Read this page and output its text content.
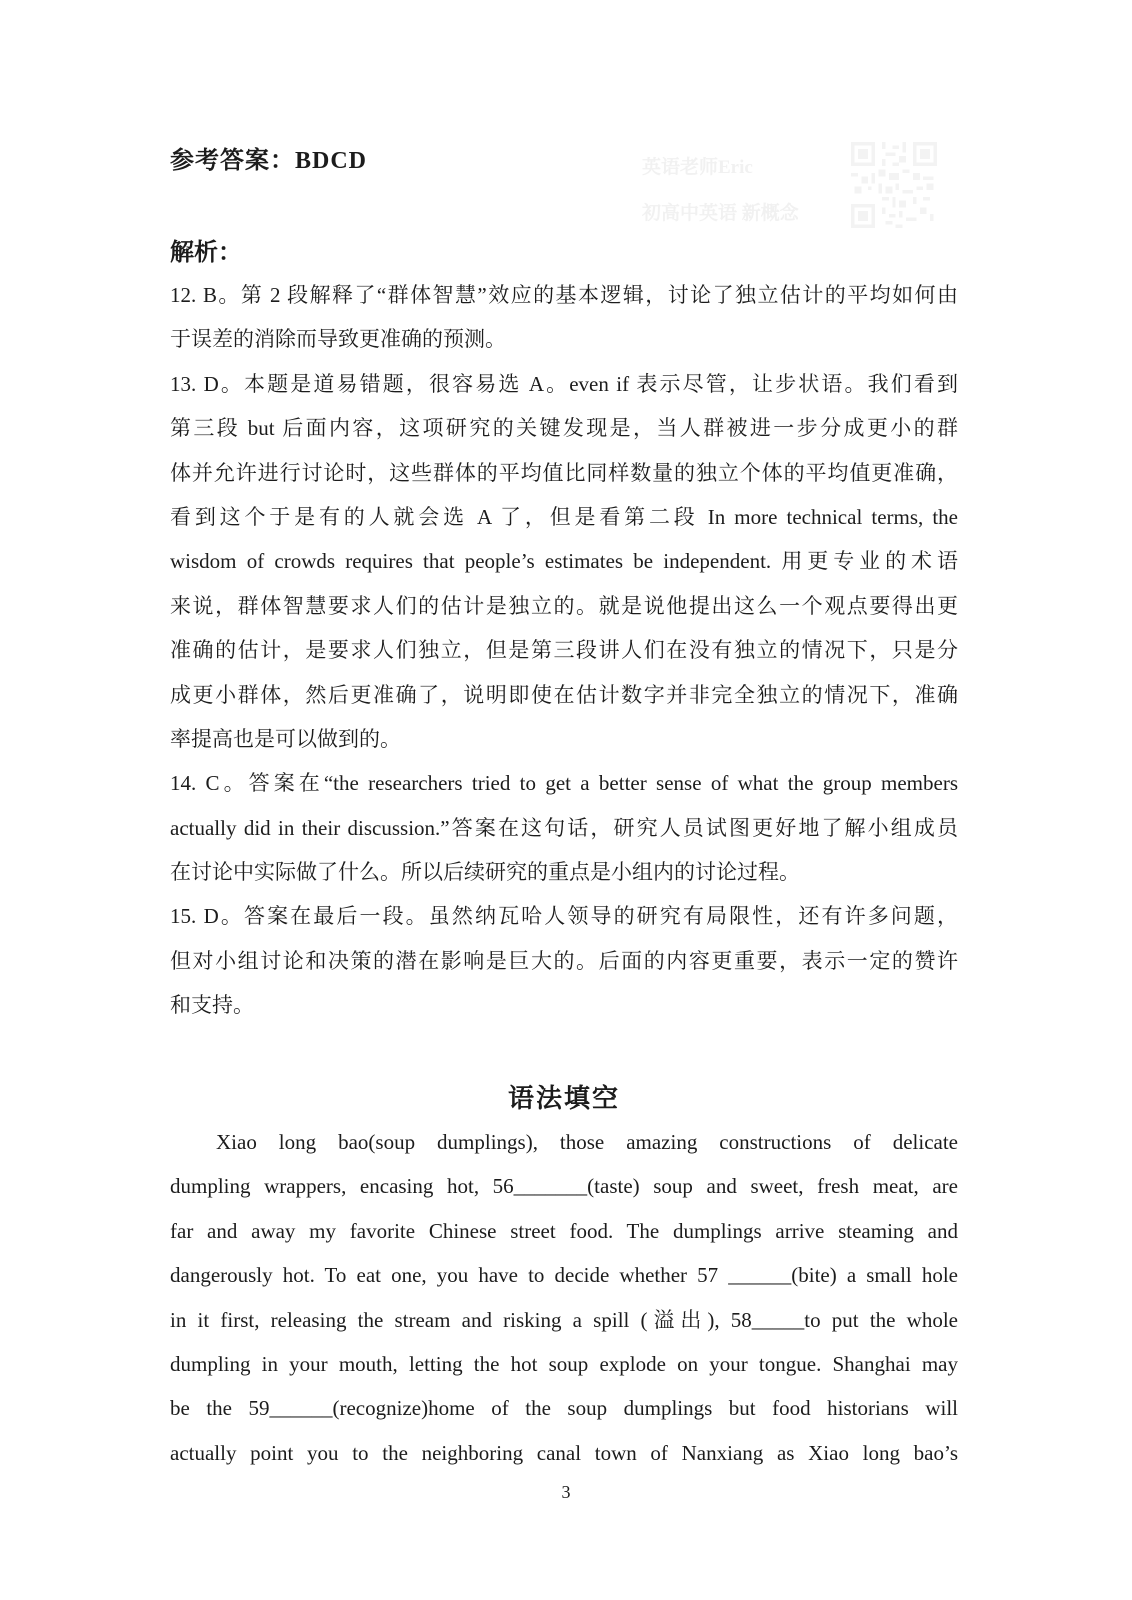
英语老师Eric
初高中英语 新概念
参考答案：BDCD
解析：
12. B。第 2 段解释了“群体智慧”效应的基本逻辑，讨论了独立估计的平均如何由
于误差的消除而导致更准确的预测。
13. D。本题是道易错题，很容易选 A。even if 表示尽管，让步状语。我们看到
第三段 but 后面内容，这项研究的关键发现是，当人群被进一步分成更小的群
体并允许进行讨论时，这些群体的平均值比同样数量的独立个体的平均值更准确，
看到这个于是有的人就会选 A 了，但是看第二段 In more technical terms, the
wisdom of crowds requires that people’s estimates be independent. 用更专业的术语
来说，群体智慧要求人们的估计是独立的。就是说他提出这么一个观点要得出更
准确的估计，是要求人们独立，但是第三段讲人们在没有独立的情况下，只是分
成更小群体，然后更准确了，说明即使在估计数字并非完全独立的情况下，准确
率提高也是可以做到的。
14. C。答案在“the researchers tried to get a better sense of what the group members
actually did in their discussion.”答案在这句话，研究人员试图更好地了解小组成员
在讨论中实际做了什么。所以后续研究的重点是小组内的讨论过程。
15. D。答案在最后一段。虽然纳瓦哈人领导的研究有局限性，还有许多问题，
但对小组讨论和决策的潜在影响是巨大的。后面的内容更重要，表示一定的赞许
和支持。
语法填空
Xiao long bao(soup dumplings), those amazing constructions of delicate
dumpling wrappers, encasing hot, 56_______(taste) soup and sweet, fresh meat, are
far and away my favorite Chinese street food. The dumplings arrive steaming and
dangerously hot. To eat one, you have to decide whether 57 ______(bite) a small hole
in it first, releasing the stream and risking a spill (溢出), 58_____to put the whole
dumpling in your mouth, letting the hot soup explode on your tongue. Shanghai may
be the 59______(recognize)home of the soup dumplings but food historians will
actually point you to the neighboring canal town of Nanxiang as Xiao long bao’s
3
